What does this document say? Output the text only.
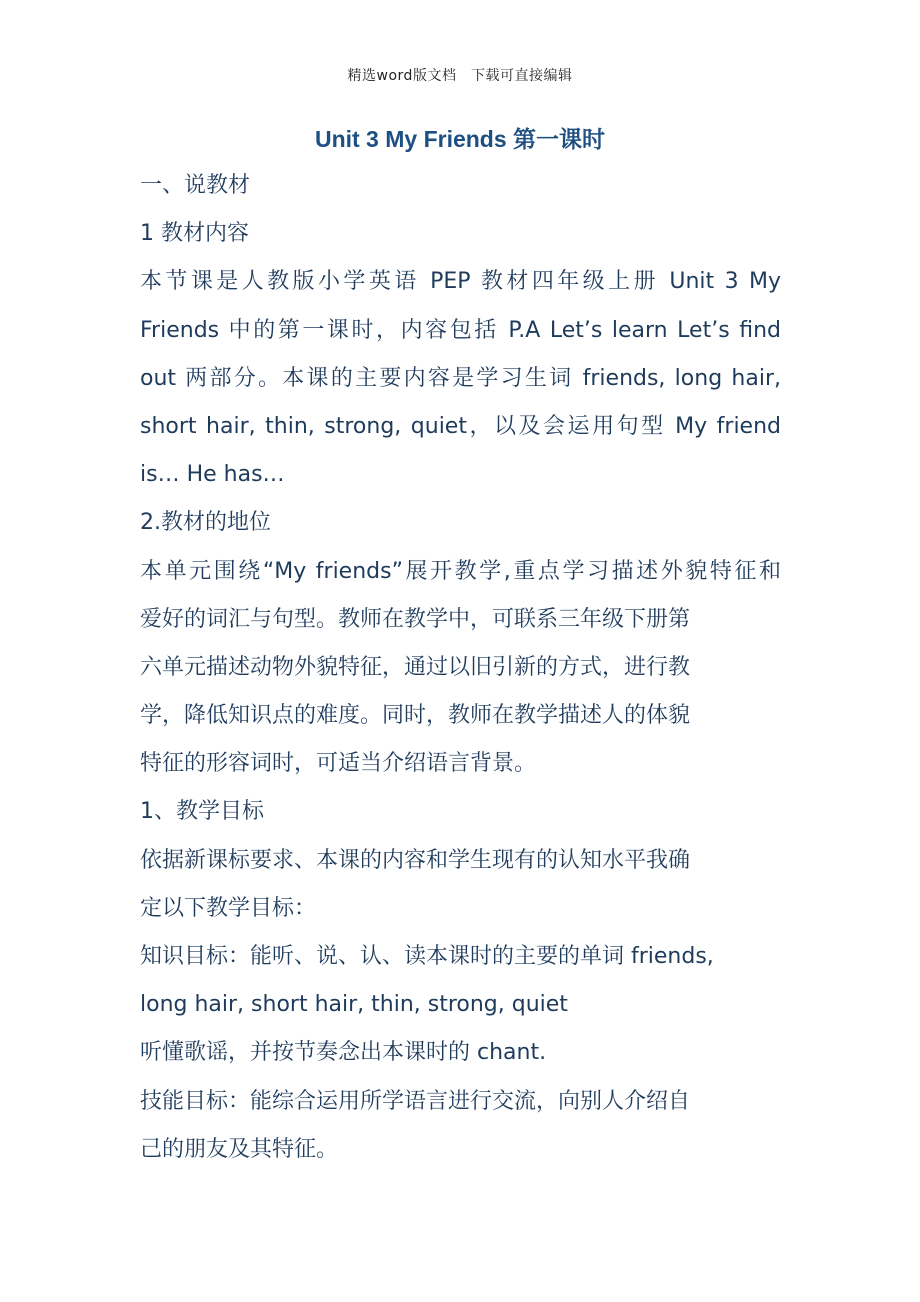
精选word版文档　下载可直接编辑
Unit 3 My Friends 第一课时
一、说教材
1 教材内容
本节课是人教版小学英语 PEP 教材四年级上册 Unit 3 My
Friends 中的第一课时，内容包括 P.A Let’s learn Let’s find
out 两部分。本课的主要内容是学习生词 friends, long hair,
short hair, thin, strong, quiet，以及会运用句型 My friend
is… He has…
2.教材的地位
本单元围绕“My friends”展开教学,重点学习描述外貌特征和
爱好的词汇与句型。教师在教学中，可联系三年级下册第
六单元描述动物外貌特征，通过以旧引新的方式，进行教
学，降低知识点的难度。同时，教师在教学描述人的体貌
特征的形容词时，可适当介绍语言背景。
1、教学目标
依据新课标要求、本课的内容和学生现有的认知水平我确
定以下教学目标：
知识目标：能听、说、认、读本课时的主要的单词 friends,
long hair, short hair, thin, strong, quiet
听懂歌谣，并按节奏念出本课时的 chant.
技能目标：能综合运用所学语言进行交流，向别人介绍自
己的朋友及其特征。
